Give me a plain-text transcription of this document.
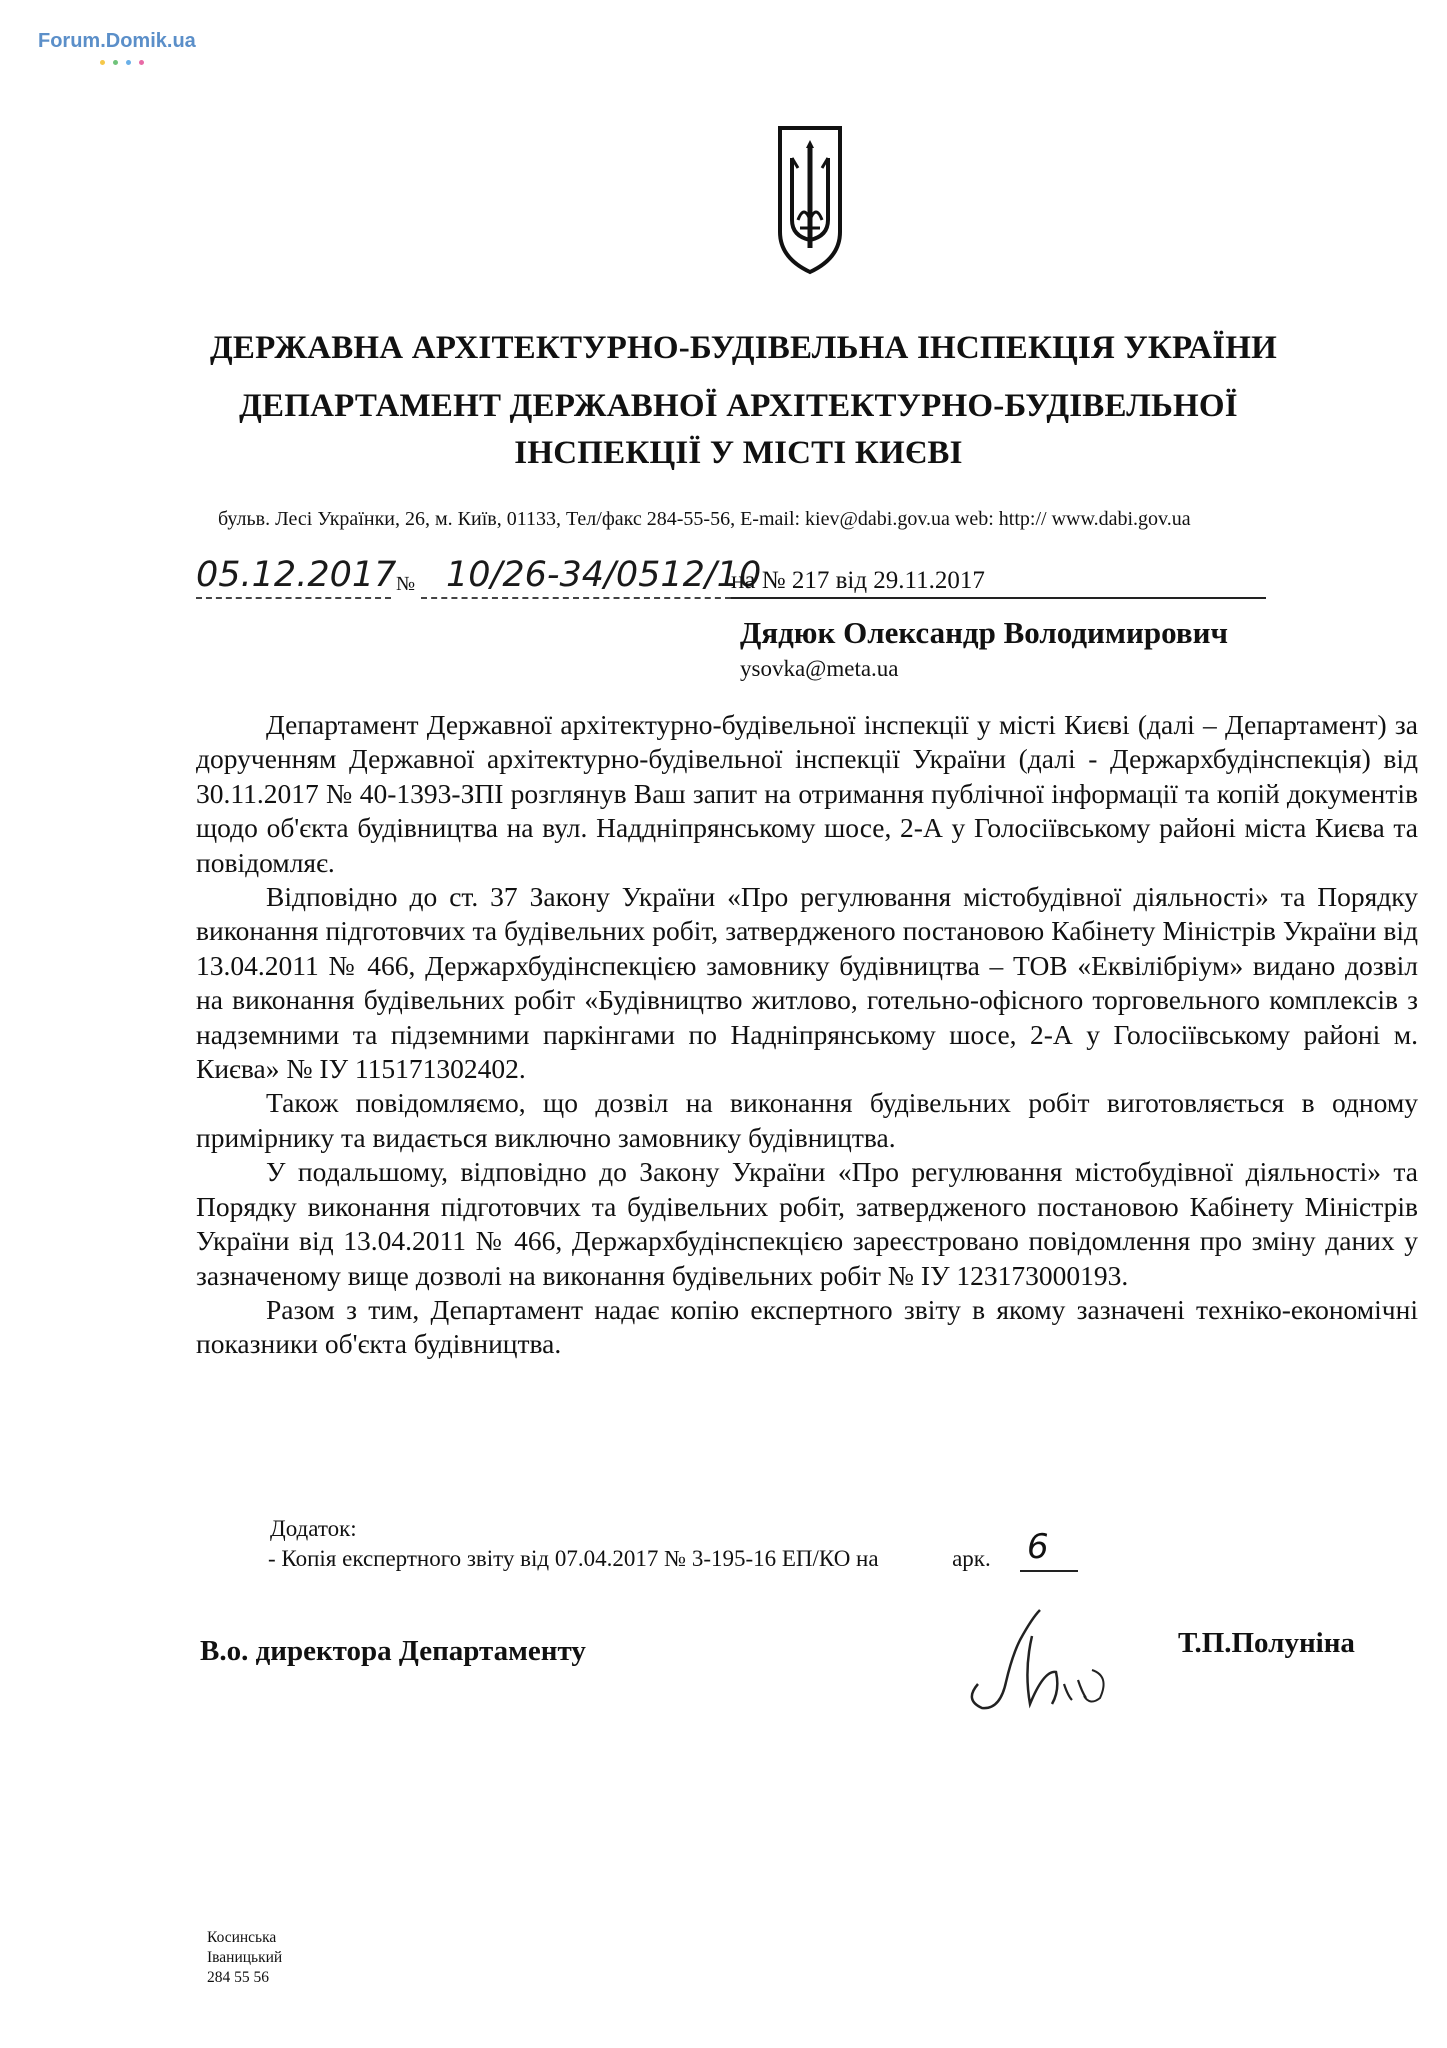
Forum.Domik.ua
ДЕРЖАВНА АРХІТЕКТУРНО-БУДІВЕЛЬНА ІНСПЕКЦІЯ УКРАЇНИ
ДЕПАРТАМЕНТ ДЕРЖАВНОЇ АРХІТЕКТУРНО-БУДІВЕЛЬНОЇ
ІНСПЕКЦІЇ У МІСТІ КИЄВІ
бульв. Лесі Українки, 26, м. Київ, 01133, Тел/факс 284-55-56, E-mail: kiev@dabi.gov.ua web: http:// www.dabi.gov.ua
05.12.2017 № 10/26-34/0512/10
на № 217 від 29.11.2017
Дядюк Олександр Володимирович
ysovka@meta.ua

Департамент Державної архітектурно-будівельної інспекції у місті Києві (далі – Департамент) за дорученням Державної архітектурно-будівельної інспекції України (далі - Держархбудінспекція) від 30.11.2017 № 40-1393-ЗПІ розглянув Ваш запит на отримання публічної інформації та копій документів щодо об'єкта будівництва на вул. Наддніпрянському шосе, 2-А у Голосіївському районі міста Києва та повідомляє.

Відповідно до ст. 37 Закону України «Про регулювання містобудівної діяльності» та Порядку виконання підготовчих та будівельних робіт, затвердженого постановою Кабінету Міністрів України від 13.04.2011 № 466, Держархбудінспекцією замовнику будівництва – ТОВ «Еквілібріум» видано дозвіл на виконання будівельних робіт «Будівництво житлово, готельно-офісного торговельного комплексів з надземними та підземними паркінгами по Наднiпрянському шосе, 2-А у Голосіївському районі м. Києва» № IУ 115171302402.

Також повідомляємо, що дозвіл на виконання будівельних робіт виготовляється в одному примірнику та видається виключно замовнику будівництва.

У подальшому, відповідно до Закону України «Про регулювання містобудівної діяльності» та Порядку виконання підготовчих та будівельних робіт, затвердженого постановою Кабінету Міністрів України від 13.04.2011 № 466, Держархбудінспекцією зареєстровано повідомлення про зміну даних у зазначеному вище дозволі на виконання будівельних робіт № IУ 123173000193.

Разом з тим, Департамент надає копію експертного звіту в якому зазначені техніко-економічні показники об'єкта будівництва.

Додаток:
- Копія експертного звіту від 07.04.2017 № 3-195-16 ЕП/КО на	арк. 6
В.о. директора Департаменту	Т.П.Полуніна
Косинська
Іваницький
284 55 56
